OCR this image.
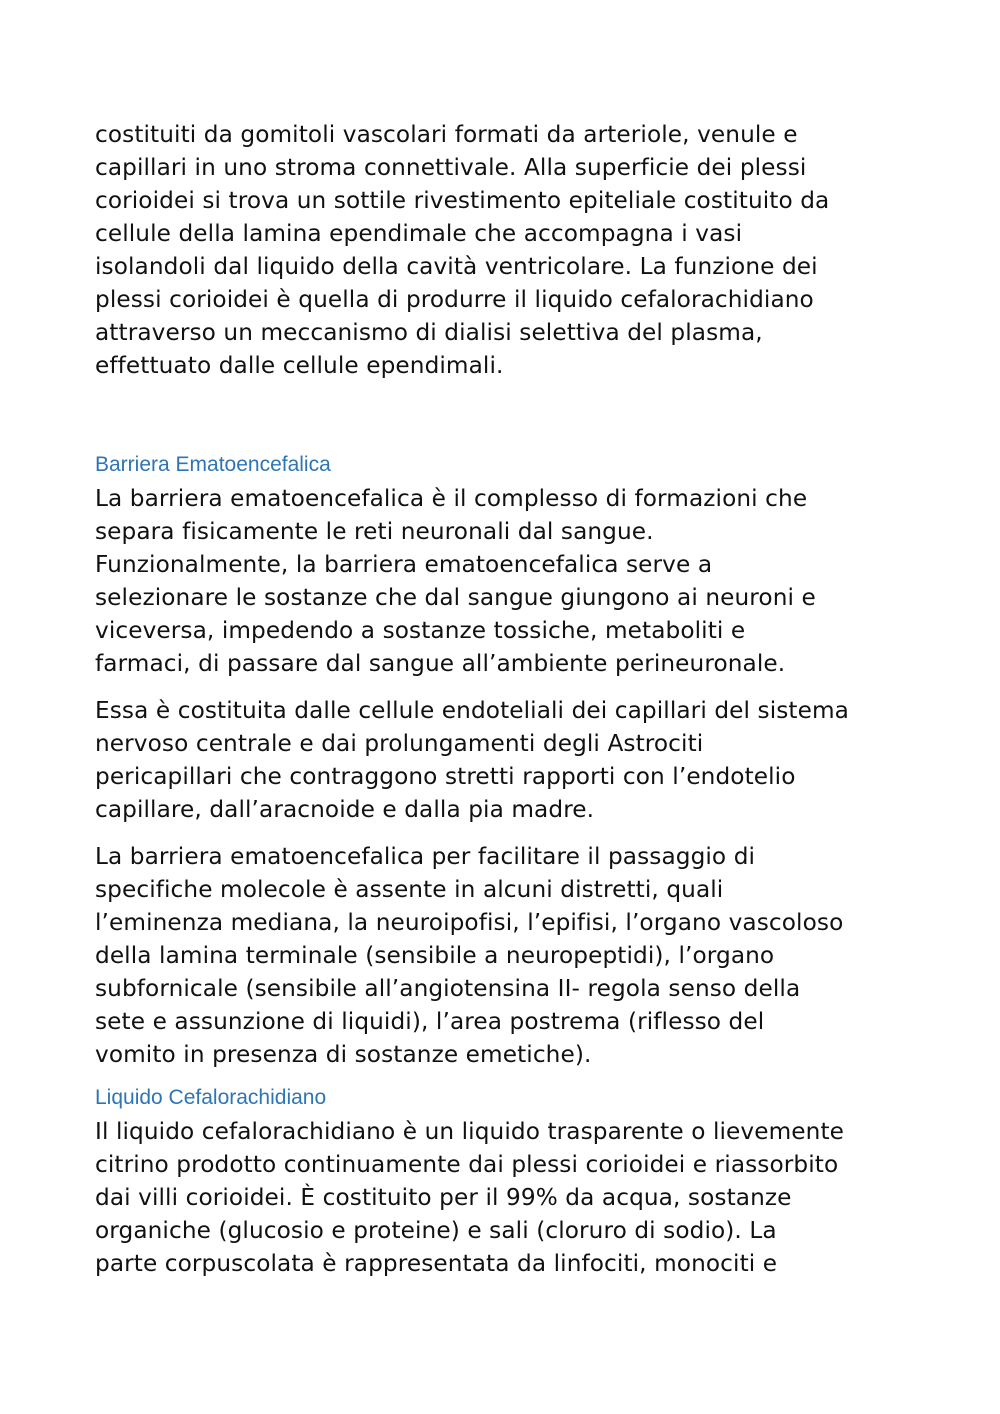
costituiti da gomitoli vascolari formati da arteriole, venule e
capillari in uno stroma connettivale. Alla superficie dei plessi
corioidei si trova un sottile rivestimento epiteliale costituito da
cellule della lamina ependimale che accompagna i vasi
isolandoli dal liquido della cavità ventricolare. La funzione dei
plessi corioidei è quella di produrre il liquido cefalorachidiano
attraverso un meccanismo di dialisi selettiva del plasma,
effettuato dalle cellule ependimali.

Barriera Ematoencefalica

La barriera ematoencefalica è il complesso di formazioni che
separa fisicamente le reti neuronali dal sangue.
Funzionalmente, la barriera ematoencefalica serve a
selezionare le sostanze che dal sangue giungono ai neuroni e
viceversa, impedendo a sostanze tossiche, metaboliti e
farmaci, di passare dal sangue all’ambiente perineuronale.

Essa è costituita dalle cellule endoteliali dei capillari del sistema
nervoso centrale e dai prolungamenti degli Astrociti
pericapillari che contraggono stretti rapporti con l’endotelio
capillare, dall’aracnoide e dalla pia madre.

La barriera ematoencefalica per facilitare il passaggio di
specifiche molecole è assente in alcuni distretti, quali
l’eminenza mediana, la neuroipofisi, l’epifisi, l’organo vascoloso
della lamina terminale (sensibile a neuropeptidi), l’organo
subfornicale (sensibile all’angiotensina II- regola senso della
sete e assunzione di liquidi), l’area postrema (riflesso del
vomito in presenza di sostanze emetiche).

Liquido Cefalorachidiano

Il liquido cefalorachidiano è un liquido trasparente o lievemente
citrino prodotto continuamente dai plessi corioidei e riassorbito
dai villi corioidei. È costituito per il 99% da acqua, sostanze
organiche (glucosio e proteine) e sali (cloruro di sodio). La
parte corpuscolata è rappresentata da linfociti, monociti e
